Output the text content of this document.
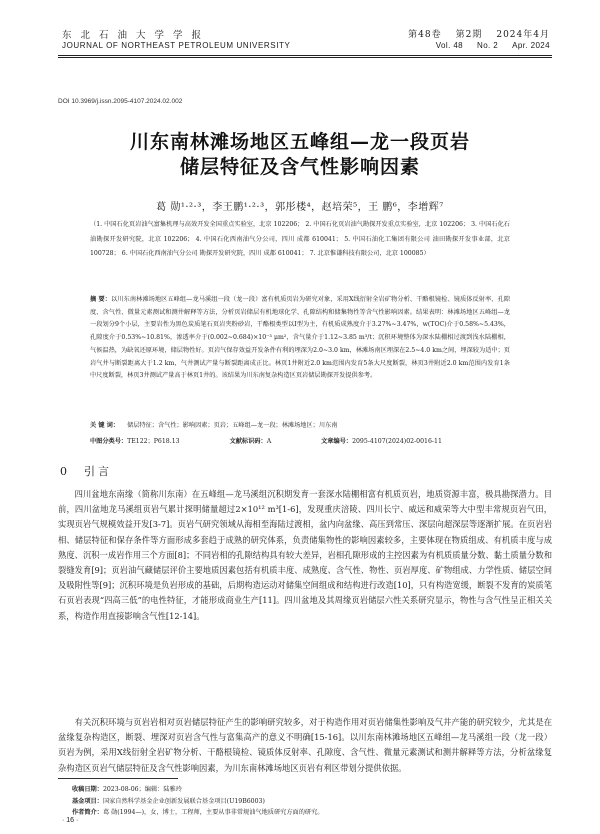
东北石油大学学报
JOURNAL OF NORTHEAST PETROLEUM UNIVERSITY
第48卷 第2期 2024年4月
Vol. 48 No. 2 Apr. 2024
DOI 10.3969/j.issn.2095-4107.2024.02.002
川东南林滩场地区五峰组—龙一段页岩
储层特征及含气性影响因素
葛 勋¹·²·³，李王鹏¹·²·³，郭彤楼⁴，赵培荣⁵，王 鹏⁶，李增辉⁷
（1. 中国石化页岩油气富集机理与高效开发全国重点实验室，北京 102206； 2. 中国石化页岩油气勘探开发重点实验室，北京 102206； 3. 中国石化石油勘探开发研究院，北京 102206； 4. 中国石化西南油气分公司，四川 成都 610041； 5. 中国石油化工集团有限公司 油田勘探开发事业部，北京 100728； 6. 中国石化西南油气分公司 勘探开发研究院，四川 成都 610041； 7. 北京惟谦科技有限公司，北京 100085）
摘 要：以川东南林滩场地区五峰组—龙马溪组一段（龙一段）富有机质页岩为研究对象，采用X线衍射全岩矿物分析、干酪根镜检、镜质体反射率、孔隙度、含气性、微量元素测试和测井解释等方法，分析页岩储层有机地球化学、孔隙结构和储集物性等含气性影响因素。结果表明：林滩场地区五峰组—龙一段划分9个小层，主要岩性为黑色炭质笔石页岩夹粉砂岩，干酪根类型以Ⅰ型为主，有机质成熟度介于3.27%~3.47%，w(TOC)介于0.58%~5.43%，孔隙度介于0.53%~10.81%，渗透率介于(0.002~0.684)×10⁻³ μm²，含气量介于1.12~3.85 m³/t；沉积环境整体为深水陆棚相过渡到浅水陆棚相，气候温热，为缺氧还原环境，储层物性好。页岩气保存效益开发条件有利的埋深为2.0~3.0 km，林滩场南区埋深在2.5~4.0 km之间，埋深较为适中；页岩气井与断裂距离大于1.2 km，气井测试产量与断裂距离成正比。林页1井附近2.0 km范围内发育5条大尺度断裂，林页3井附近2.0 km范围内发育1条中尺度断裂，林页3井测试产量高于林页1井的。该结果为川东南复杂构造区页岩储层勘探开发提供参考。
关 键 词： 储层特征；含气性；影响因素；页岩；五峰组—龙一段；林滩场地区；川东南
中图分类号：TE122；P618.13	文献标识码：A	文章编号：2095-4107(2024)02-0016-11
0 引言

四川盆地东南缘（简称川东南）在五峰组—龙马溪组沉积期发育一套深水陆棚相富有机质页岩，地质资源丰富，极具勘探潜力。目前，四川盆地龙马溪组页岩气累计探明储量超过2×10¹² m³[1-6]，发现重庆涪陵、四川长宁、威远和威荣等大中型丰常规页岩气田，实现页岩气规模效益开发[3-7]。页岩气研究领域从海相至海陆过渡相，盆内向盆缘、高压到常压、深层向超深层等逐渐扩展。在页岩岩相、储层特征和保存条件等方面形成多套趋于成熟的研究体系，负责储集物性的影响因素较多，主要体现在物质组成、有机质丰度与成熟度、沉积一成岩作用三个方面[8]；不同岩相的孔隙结构具有较大差异，岩相孔隙形成的主控因素为有机质质量分数、黏土质量分数和裂缝发育[9]；页岩油气藏储层评价主要地质因素包括有机质丰度、成熟度、含气性、物性、页岩厚度、矿物组成、力学性质、储层空间及吸附性等[9]；沉积环境是负岩形成的基础，后期构造运动对储集空间组成和结构进行改造[10]，只有构造宽缓，断裂不发育的炭质笔石页岩表现“四高三低”的电性特征，才能形成商业生产[11]。四川盆地及其周缘页岩储层六性关系研究显示，物性与含气性呈正相关关系，构造作用直接影响含气性[12-14]。

有关沉积环境与页岩岩相对页岩储层特征产生的影响研究较多，对于构造作用对页岩储集性影响及气井产能的研究较少，尤其是在盆缘复杂构造区，断裂、埋深对页岩含气性与富集高产的意义不明确[15-16]。以川东南林滩场地区五峰组—龙马溪组一段（龙一段）页岩为例，采用X线衍射全岩矿物分析、干酪根镜检、镜质体反射率、孔隙度、含气性、微量元素测试和测井解释等方法，分析盆缘复杂构造区页岩气储层特征及含气性影响因素，为川东南林滩场地区页岩有利区带划分提供依据。

收稿日期：2023-08-06；编辑：陆雅玲
基金项目：国家自然科学基金企业创新发展联合基金项目(U19B6003)
作者简介：葛 勋(1994—)，女，博士，工程师，主要从事非常规油气地质研究方面的研究。
· 16 ·
